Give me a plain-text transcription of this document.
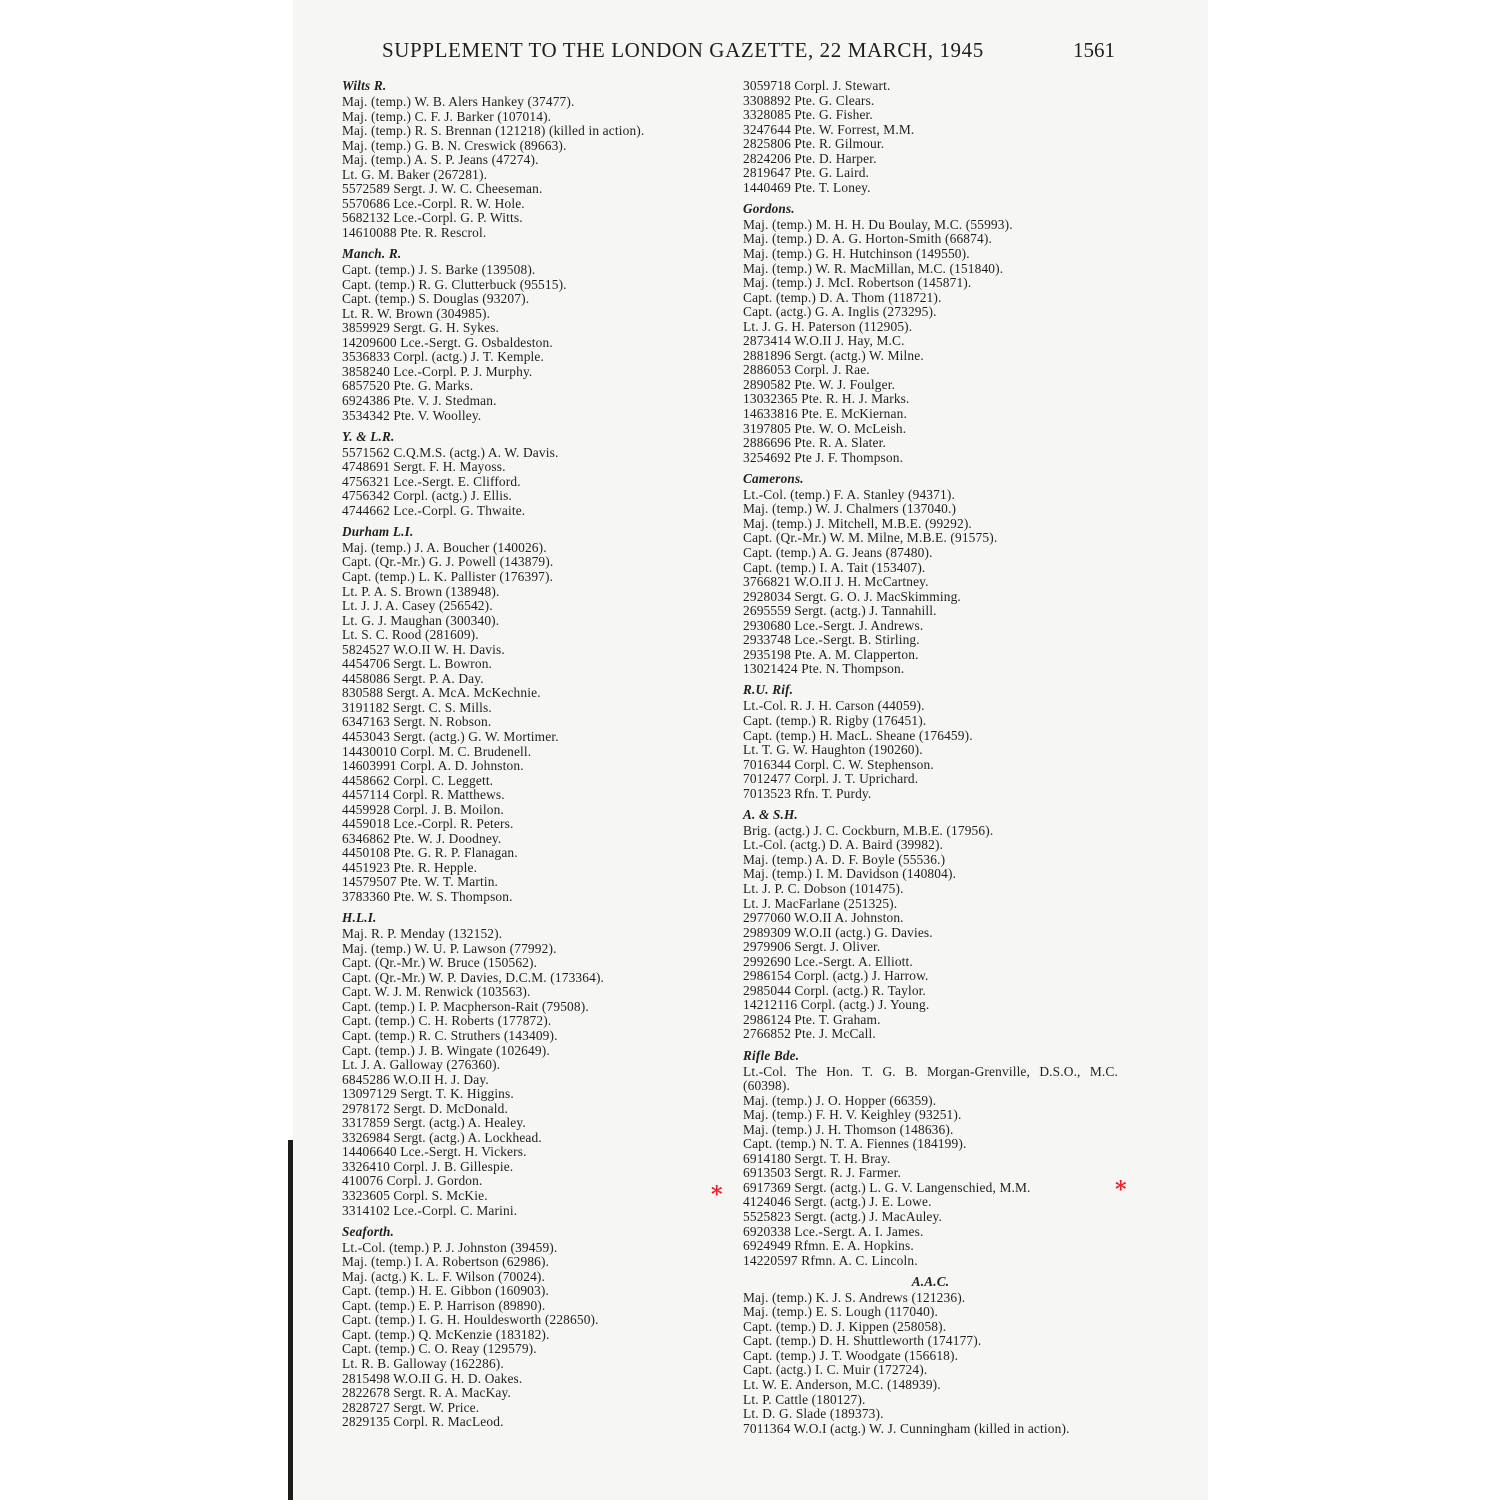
SUPPLEMENT TO THE LONDON GAZETTE, 22 MARCH, 1945	1561
Wilts R.
Maj. (temp.) W. B. Alers Hankey (37477).
Maj. (temp.) C. F. J. Barker (107014).
Maj. (temp.) R. S. Brennan (121218) (killed in action).
Maj. (temp.) G. B. N. Creswick (89663).
Maj. (temp.) A. S. P. Jeans (47274).
Lt. G. M. Baker (267281).
5572589 Sergt. J. W. C. Cheeseman.
5570686 Lce.-Corpl. R. W. Hole.
5682132 Lce.-Corpl. G. P. Witts.
14610088 Pte. R. Rescrol.
Manch. R.
Capt. (temp.) J. S. Barke (139508).
Capt. (temp.) R. G. Clutterbuck (95515).
Capt. (temp.) S. Douglas (93207).
Lt. R. W. Brown (304985).
3859929 Sergt. G. H. Sykes.
14209600 Lce.-Sergt. G. Osbaldeston.
3536833 Corpl. (actg.) J. T. Kemple.
3858240 Lce.-Corpl. P. J. Murphy.
6857520 Pte. G. Marks.
6924386 Pte. V. J. Stedman.
3534342 Pte. V. Woolley.
Y. & L.R.
5571562 C.Q.M.S. (actg.) A. W. Davis.
4748691 Sergt. F. H. Mayoss.
4756321 Lce.-Sergt. E. Clifford.
4756342 Corpl. (actg.) J. Ellis.
4744662 Lce.-Corpl. G. Thwaite.
Durham L.I.
Maj. (temp.) J. A. Boucher (140026).
Capt. (Qr.-Mr.) G. J. Powell (143879).
Capt. (temp.) L. K. Pallister (176397).
Lt. P. A. S. Brown (138948).
Lt. J. J. A. Casey (256542).
Lt. G. J. Maughan (300340).
Lt. S. C. Rood (281609).
5824527 W.O.II W. H. Davis.
4454706 Sergt. L. Bowron.
4458086 Sergt. P. A. Day.
830588 Sergt. A. McA. McKechnie.
3191182 Sergt. C. S. Mills.
6347163 Sergt. N. Robson.
4453043 Sergt. (actg.) G. W. Mortimer.
14430010 Corpl. M. C. Brudenell.
14603991 Corpl. A. D. Johnston.
4458662 Corpl. C. Leggett.
4457114 Corpl. R. Matthews.
4459928 Corpl. J. B. Moilon.
4459018 Lce.-Corpl. R. Peters.
6346862 Pte. W. J. Doodney.
4450108 Pte. G. R. P. Flanagan.
4451923 Pte. R. Hepple.
14579507 Pte. W. T. Martin.
3783360 Pte. W. S. Thompson.
H.L.I.
Maj. R. P. Menday (132152).
Maj. (temp.) W. U. P. Lawson (77992).
Capt. (Qr.-Mr.) W. Bruce (150562).
Capt. (Qr.-Mr.) W. P. Davies, D.C.M. (173364).
Capt. W. J. M. Renwick (103563).
Capt. (temp.) I. P. Macpherson-Rait (79508).
Capt. (temp.) C. H. Roberts (177872).
Capt. (temp.) R. C. Struthers (143409).
Capt. (temp.) J. B. Wingate (102649).
Lt. J. A. Galloway (276360).
6845286 W.O.II H. J. Day.
13097129 Sergt. T. K. Higgins.
2978172 Sergt. D. McDonald.
3317859 Sergt. (actg.) A. Healey.
3326984 Sergt. (actg.) A. Lockhead.
14406640 Lce.-Sergt. H. Vickers.
3326410 Corpl. J. B. Gillespie.
410076 Corpl. J. Gordon.
3323605 Corpl. S. McKie.
3314102 Lce.-Corpl. C. Marini.
Seaforth.
Lt.-Col. (temp.) P. J. Johnston (39459).
Maj. (temp.) I. A. Robertson (62986).
Maj. (actg.) K. L. F. Wilson (70024).
Capt. (temp.) H. E. Gibbon (160903).
Capt. (temp.) E. P. Harrison (89890).
Capt. (temp.) I. G. H. Houldesworth (228650).
Capt. (temp.) Q. McKenzie (183182).
Capt. (temp.) C. O. Reay (129579).
Lt. R. B. Galloway (162286).
2815498 W.O.II G. H. D. Oakes.
2822678 Sergt. R. A. MacKay.
2828727 Sergt. W. Price.
2829135 Corpl. R. MacLeod.
3059718 Corpl. J. Stewart.
3308892 Pte. G. Clears.
3328085 Pte. G. Fisher.
3247644 Pte. W. Forrest, M.M.
2825806 Pte. R. Gilmour.
2824206 Pte. D. Harper.
2819647 Pte. G. Laird.
1440469 Pte. T. Loney.
Gordons.
Maj. (temp.) M. H. H. Du Boulay, M.C. (55993).
Maj. (temp.) D. A. G. Horton-Smith (66874).
Maj. (temp.) G. H. Hutchinson (149550).
Maj. (temp.) W. R. MacMillan, M.C. (151840).
Maj. (temp.) J. McI. Robertson (145871).
Capt. (temp.) D. A. Thom (118721).
Capt. (actg.) G. A. Inglis (273295).
Lt. J. G. H. Paterson (112905).
2873414 W.O.II J. Hay, M.C.
2881896 Sergt. (actg.) W. Milne.
2886053 Corpl. J. Rae.
2890582 Pte. W. J. Foulger.
13032365 Pte. R. H. J. Marks.
14633816 Pte. E. McKiernan.
3197805 Pte. W. O. McLeish.
2886696 Pte. R. A. Slater.
3254692 Pte J. F. Thompson.
Camerons.
Lt.-Col. (temp.) F. A. Stanley (94371).
Maj. (temp.) W. J. Chalmers (137040.)
Maj. (temp.) J. Mitchell, M.B.E. (99292).
Capt. (Qr.-Mr.) W. M. Milne, M.B.E. (91575).
Capt. (temp.) A. G. Jeans (87480).
Capt. (temp.) I. A. Tait (153407).
3766821 W.O.II J. H. McCartney.
2928034 Sergt. G. O. J. MacSkimming.
2695559 Sergt. (actg.) J. Tannahill.
2930680 Lce.-Sergt. J. Andrews.
2933748 Lce.-Sergt. B. Stirling.
2935198 Pte. A. M. Clapperton.
13021424 Pte. N. Thompson.
R.U. Rif.
Lt.-Col. R. J. H. Carson (44059).
Capt. (temp.) R. Rigby (176451).
Capt. (temp.) H. MacL. Sheane (176459).
Lt. T. G. W. Haughton (190260).
7016344 Corpl. C. W. Stephenson.
7012477 Corpl. J. T. Uprichard.
7013523 Rfn. T. Purdy.
A. & S.H.
Brig. (actg.) J. C. Cockburn, M.B.E. (17956).
Lt.-Col. (actg.) D. A. Baird (39982).
Maj. (temp.) A. D. F. Boyle (55536.)
Maj. (temp.) I. M. Davidson (140804).
Lt. J. P. C. Dobson (101475).
Lt. J. MacFarlane (251325).
2977060 W.O.II A. Johnston.
2989309 W.O.II (actg.) G. Davies.
2979906 Sergt. J. Oliver.
2992690 Lce.-Sergt. A. Elliott.
2986154 Corpl. (actg.) J. Harrow.
2985044 Corpl. (actg.) R. Taylor.
14212116 Corpl. (actg.) J. Young.
2986124 Pte. T. Graham.
2766852 Pte. J. McCall.
Rifle Bde.
Lt.-Col. The Hon. T. G. B. Morgan-Grenville, D.S.O., M.C. (60398).
Maj. (temp.) J. O. Hopper (66359).
Maj. (temp.) F. H. V. Keighley (93251).
Maj. (temp.) J. H. Thomson (148636).
Capt. (temp.) N. T. A. Fiennes (184199).
6914180 Sergt. T. H. Bray.
6913503 Sergt. R. J. Farmer.
6917369 Sergt. (actg.) L. G. V. Langenschied, M.M.
4124046 Sergt. (actg.) J. E. Lowe.
5525823 Sergt. (actg.) J. MacAuley.
6920338 Lce.-Sergt. A. I. James.
6924949 Rfmn. E. A. Hopkins.
14220597 Rfmn. A. C. Lincoln.
A.A.C.
Maj. (temp.) K. J. S. Andrews (121236).
Maj. (temp.) E. S. Lough (117040).
Capt. (temp.) D. J. Kippen (258058).
Capt. (temp.) D. H. Shuttleworth (174177).
Capt. (temp.) J. T. Woodgate (156618).
Capt. (actg.) I. C. Muir (172724).
Lt. W. E. Anderson, M.C. (148939).
Lt. P. Cattle (180127).
Lt. D. G. Slade (189373).
7011364 W.O.I (actg.) W. J. Cunningham (killed in action).
*	*
